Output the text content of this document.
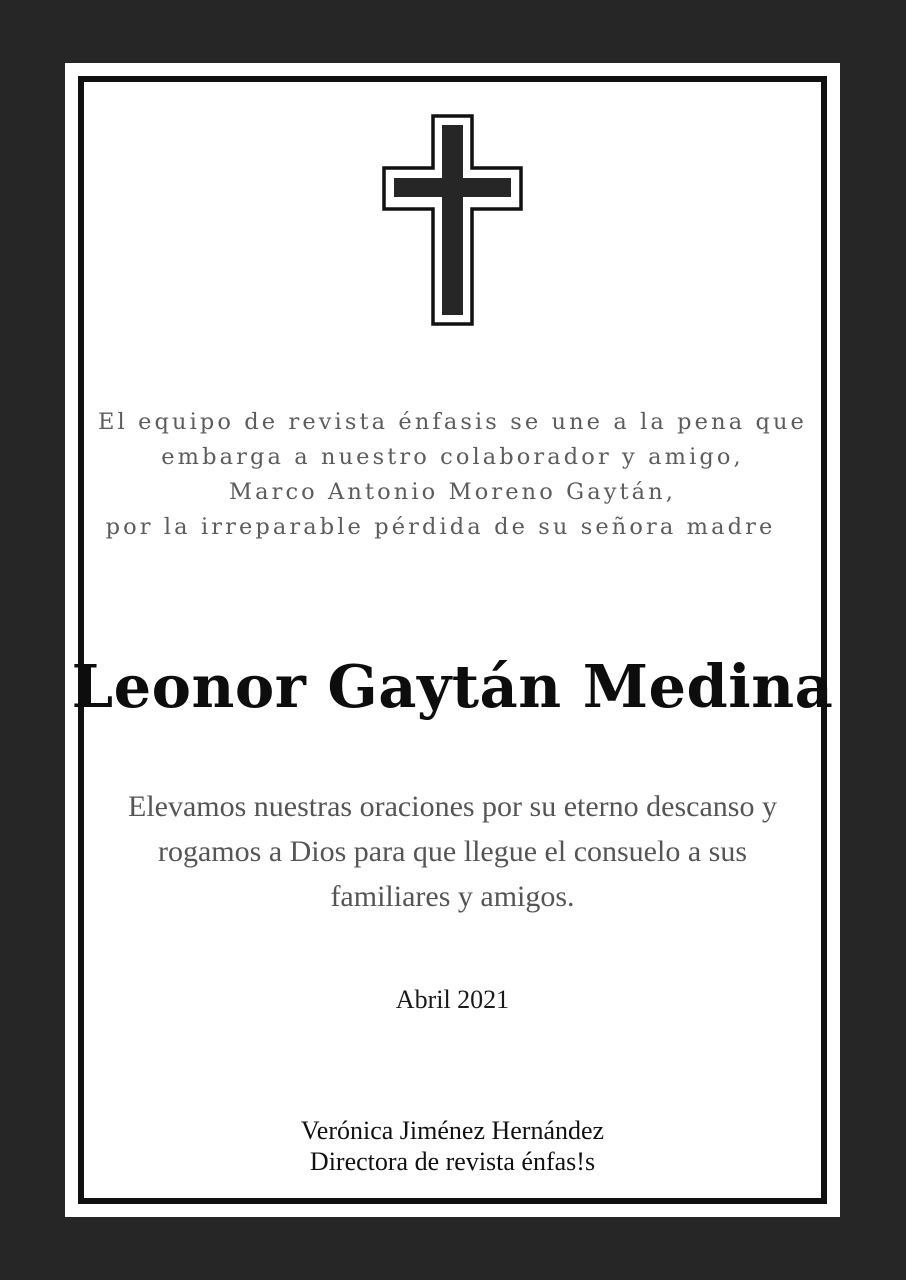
El equipo de revista énfasis se une a la pena que
embarga a nuestro colaborador y amigo,
Marco Antonio Moreno Gaytán,
por la irreparable pérdida de su señora madre
Leonor Gaytán Medina
Elevamos nuestras oraciones por su eterno descanso y
rogamos a Dios para que llegue el consuelo a sus
familiares y amigos.
Abril 2021
Verónica Jiménez Hernández
Directora de revista énfas!s
